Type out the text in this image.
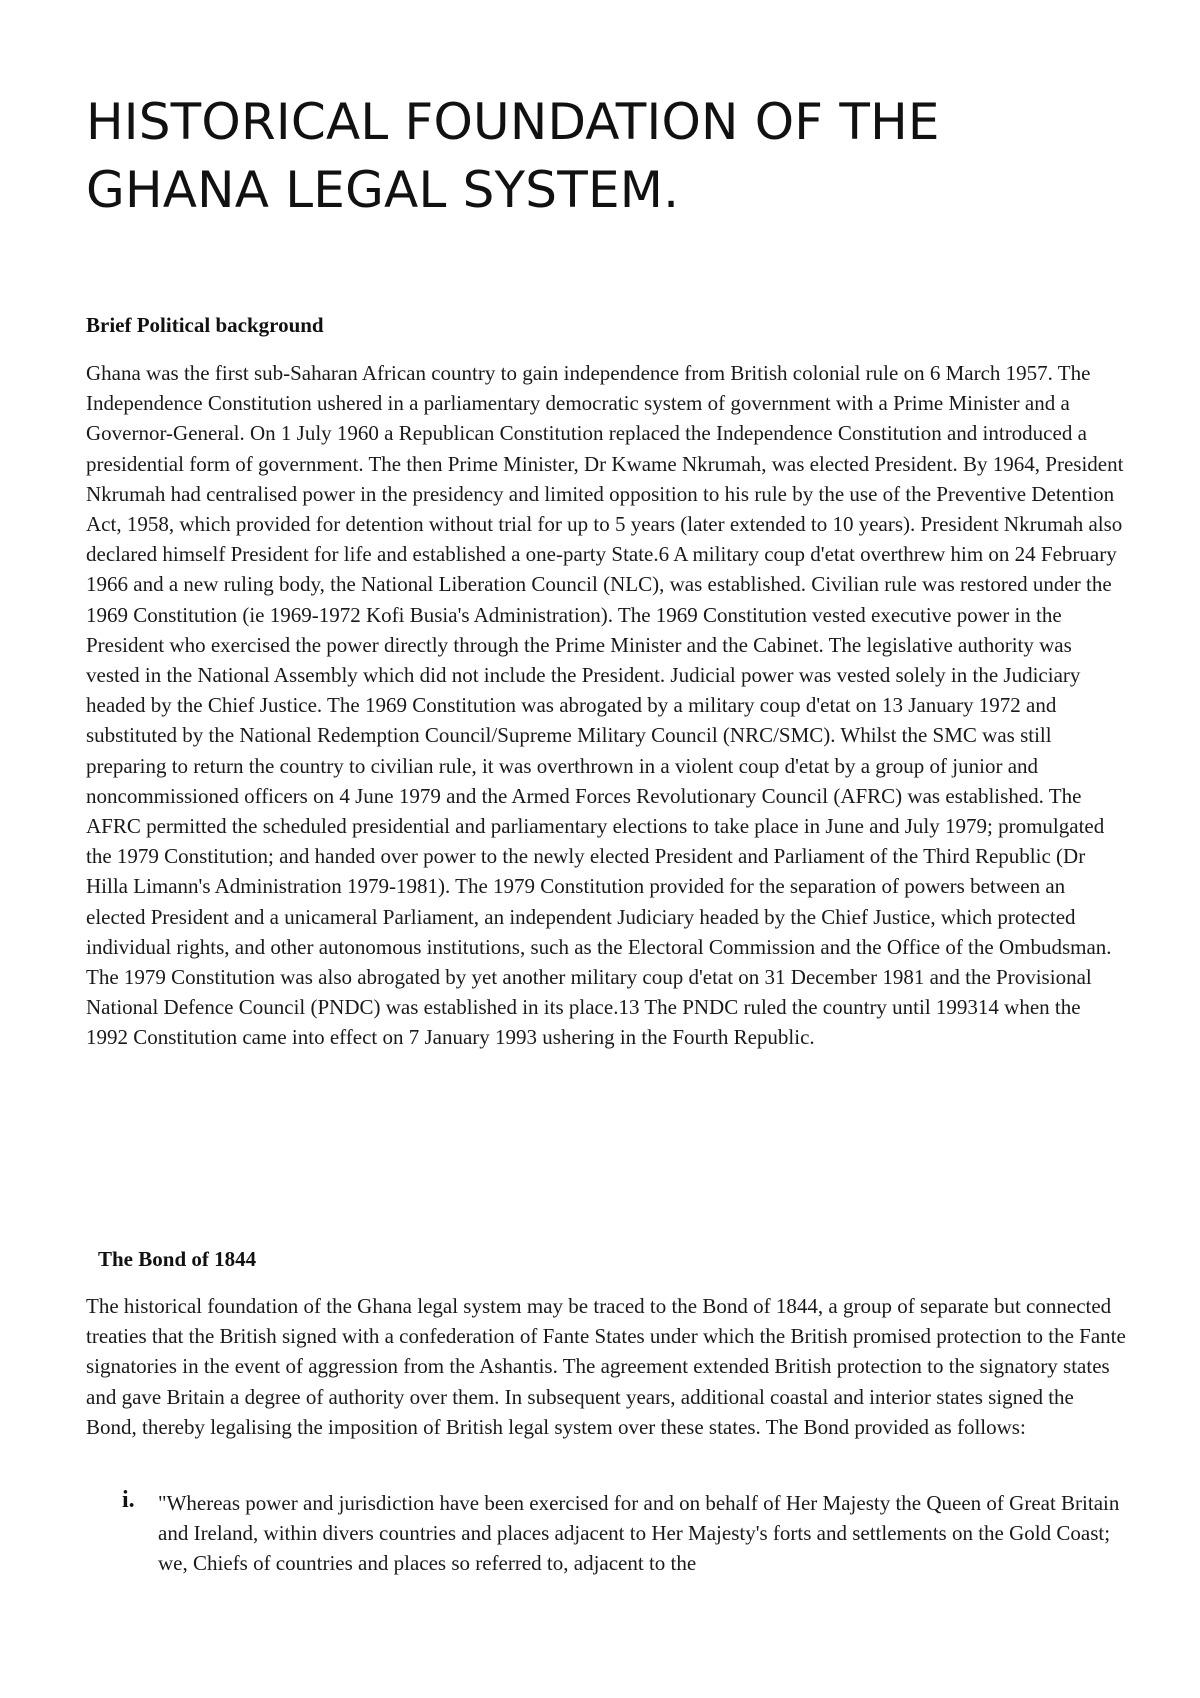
HISTORICAL FOUNDATION OF THE GHANA LEGAL SYSTEM.
Brief Political background

Ghana was the first sub-Saharan African country to gain independence from British colonial rule on 6 March 1957. The Independence Constitution ushered in a parliamentary democratic system of government with a Prime Minister and a Governor-General. On 1 July 1960 a Republican Constitution replaced the Independence Constitution and introduced a presidential form of government. The then Prime Minister, Dr Kwame Nkrumah, was elected President. By 1964, President Nkrumah had centralised power in the presidency and limited opposition to his rule by the use of the Preventive Detention Act, 1958, which provided for detention without trial for up to 5 years (later extended to 10 years). President Nkrumah also declared himself President for life and established a one-party State.6 A military coup d'etat overthrew him on 24 February 1966 and a new ruling body, the National Liberation Council (NLC), was established. Civilian rule was restored under the 1969 Constitution (ie 1969-1972 Kofi Busia's Administration). The 1969 Constitution vested executive power in the President who exercised the power directly through the Prime Minister and the Cabinet. The legislative authority was vested in the National Assembly which did not include the President. Judicial power was vested solely in the Judiciary headed by the Chief Justice. The 1969 Constitution was abrogated by a military coup d'etat on 13 January 1972 and substituted by the National Redemption Council/Supreme Military Council (NRC/SMC). Whilst the SMC was still preparing to return the country to civilian rule, it was overthrown in a violent coup d'etat by a group of junior and noncommissioned officers on 4 June 1979 and the Armed Forces Revolutionary Council (AFRC) was established. The AFRC permitted the scheduled presidential and parliamentary elections to take place in June and July 1979; promulgated the 1979 Constitution; and handed over power to the newly elected President and Parliament of the Third Republic (Dr Hilla Limann's Administration 1979-1981). The 1979 Constitution provided for the separation of powers between an elected President and a unicameral Parliament, an independent Judiciary headed by the Chief Justice, which protected individual rights, and other autonomous institutions, such as the Electoral Commission and the Office of the Ombudsman. The 1979 Constitution was also abrogated by yet another military coup d'etat on 31 December 1981 and the Provisional National Defence Council (PNDC) was established in its place.13 The PNDC ruled the country until 199314 when the 1992 Constitution came into effect on 7 January 1993 ushering in the Fourth Republic.

The Bond of 1844

The historical foundation of the Ghana legal system may be traced to the Bond of 1844, a group of separate but connected treaties that the British signed with a confederation of Fante States under which the British promised protection to the Fante signatories in the event of aggression from the Ashantis. The agreement extended British protection to the signatory states and gave Britain a degree of authority over them. In subsequent years, additional coastal and interior states signed the Bond, thereby legalising the imposition of British legal system over these states. The Bond provided as follows:

i. "Whereas power and jurisdiction have been exercised for and on behalf of Her Majesty the Queen of Great Britain and Ireland, within divers countries and places adjacent to Her Majesty's forts and settlements on the Gold Coast; we, Chiefs of countries and places so referred to, adjacent to the
